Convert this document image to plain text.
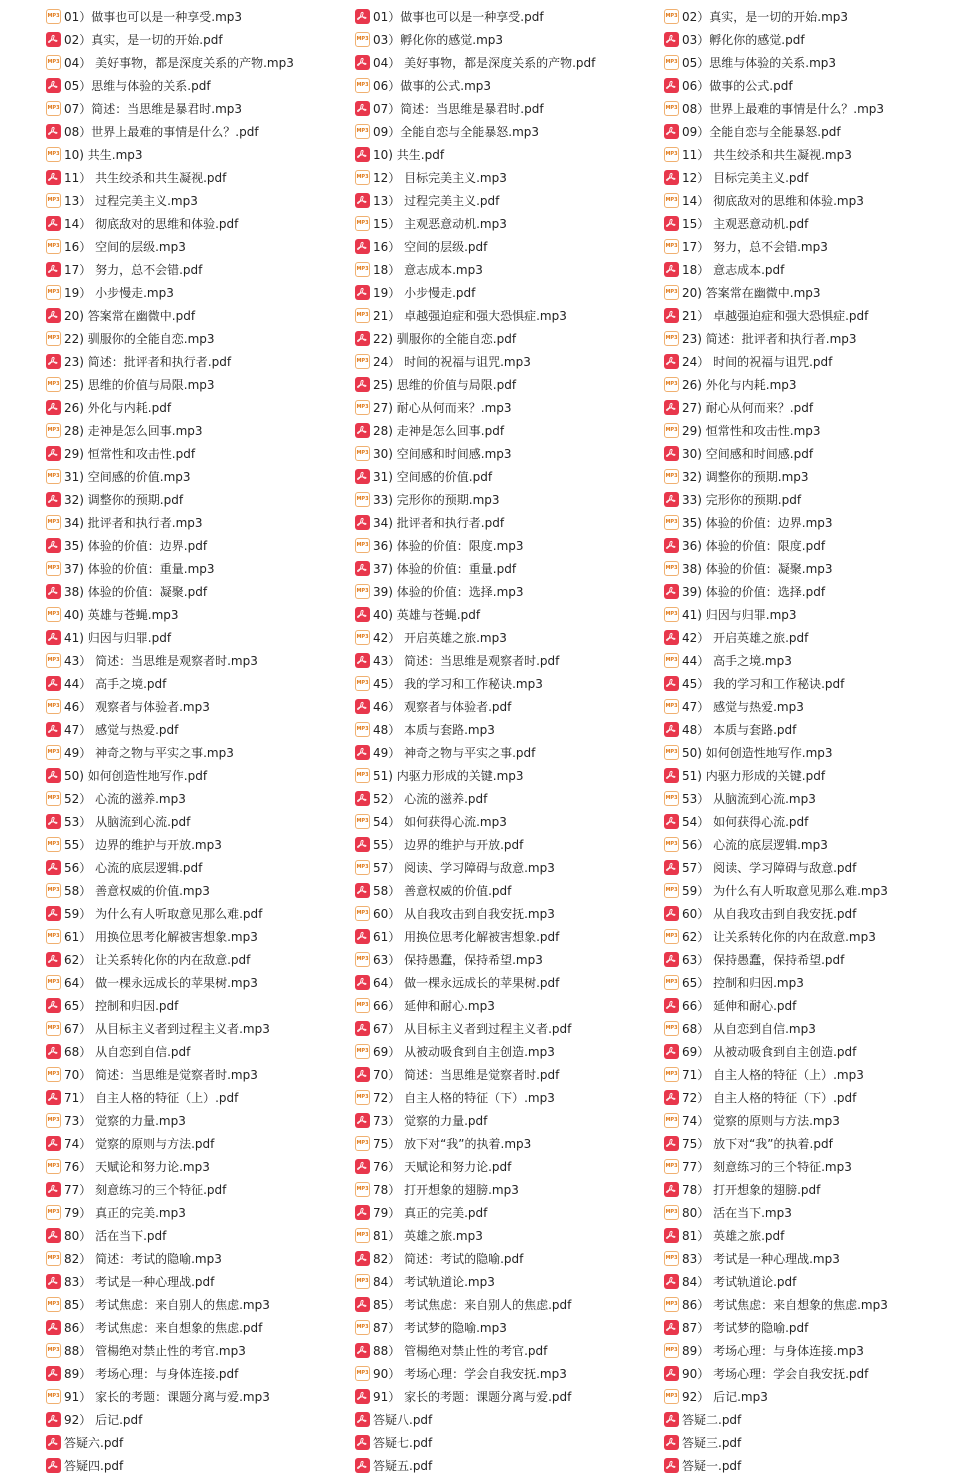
MP3 01）做事也可以是一种享受.mp3
02）真实，是一切的开始.pdf
MP3 04） 美好事物，都是深度关系的产物.mp3
05）思维与体验的关系.pdf
MP3 07）简述：当思维是暴君时.mp3
08）世界上最难的事情是什么？.pdf
MP3 10) 共生.mp3
11） 共生绞杀和共生凝视.pdf
MP3 13） 过程完美主义.mp3
14） 彻底敌对的思维和体验.pdf
MP3 16） 空间的层级.mp3
17） 努力，总不会错.pdf
MP3 19） 小步慢走.mp3
20) 答案常在幽微中.pdf
MP3 22) 驯服你的全能自恋.mp3
23) 简述：批评者和执行者.pdf
MP3 25) 思维的价值与局限.mp3
26) 外化与内耗.pdf
MP3 28) 走神是怎么回事.mp3
29) 恒常性和攻击性.pdf
MP3 31) 空间感的价值.mp3
32) 调整你的预期.pdf
MP3 34) 批评者和执行者.mp3
35) 体验的价值：边界.pdf
MP3 37) 体验的价值：重量.mp3
38) 体验的价值：凝聚.pdf
MP3 40) 英雄与苍蝇.mp3
41) 归因与归罪.pdf
MP3 43） 简述：当思维是观察者时.mp3
44） 高手之境.pdf
MP3 46） 观察者与体验者.mp3
47） 感觉与热爱.pdf
MP3 49） 神奇之物与平实之事.mp3
50) 如何创造性地写作.pdf
MP3 52） 心流的滋养.mp3
53） 从脑流到心流.pdf
MP3 55） 边界的维护与开放.mp3
56） 心流的底层逻辑.pdf
MP3 58） 善意权威的价值.mp3
59） 为什么有人听取意见那么难.pdf
MP3 61） 用换位思考化解被害想象.mp3
62） 让关系转化你的内在敌意.pdf
MP3 64） 做一棵永远成长的苹果树.mp3
65） 控制和归因.pdf
MP3 67） 从目标主义者到过程主义者.mp3
68） 从自恋到自信.pdf
MP3 70） 简述：当思维是觉察者时.mp3
71） 自主人格的特征（上）.pdf
MP3 73） 觉察的力量.mp3
74） 觉察的原则与方法.pdf
MP3 76） 天赋论和努力论.mp3
77） 刻意练习的三个特征.pdf
MP3 79） 真正的完美.mp3
80） 活在当下.pdf
MP3 82） 简述：考试的隐喻.mp3
83） 考试是一种心理战.pdf
MP3 85） 考试焦虑：来自别人的焦虑.mp3
86） 考试焦虑：来自想象的焦虑.pdf
MP3 88） 管楊绝对禁止性的考官.mp3
89） 考场心理：与身体连接.pdf
MP3 91） 家长的考题：课题分离与爱.mp3
92） 后记.pdf
答疑六.pdf
答疑四.pdf
01）做事也可以是一种享受.pdf
MP3 03）孵化你的感觉.mp3
04） 美好事物，都是深度关系的产物.pdf
MP3 06）做事的公式.mp3
07）简述：当思维是暴君时.pdf
MP3 09）全能自恋与全能暴怒.mp3
10) 共生.pdf
MP3 12） 目标完美主义.mp3
13） 过程完美主义.pdf
MP3 15） 主观恶意动机.mp3
16） 空间的层级.pdf
MP3 18） 意志成本.mp3
19） 小步慢走.pdf
MP3 21） 卓越强迫症和强大恐惧症.mp3
22) 驯服你的全能自恋.pdf
MP3 24） 时间的祝福与诅咒.mp3
25) 思维的价值与局限.pdf
MP3 27) 耐心从何而来？.mp3
28) 走神是怎么回事.pdf
MP3 30) 空间感和时间感.mp3
31) 空间感的价值.pdf
MP3 33) 完形你的预期.mp3
34) 批评者和执行者.pdf
MP3 36) 体验的价值：限度.mp3
37) 体验的价值：重量.pdf
MP3 39) 体验的价值：选择.mp3
40) 英雄与苍蝇.pdf
MP3 42） 开启英雄之旅.mp3
43） 简述：当思维是观察者时.pdf
MP3 45） 我的学习和工作秘诀.mp3
46） 观察者与体验者.pdf
MP3 48） 本质与套路.mp3
49） 神奇之物与平实之事.pdf
MP3 51) 内驱力形成的关键.mp3
52） 心流的滋养.pdf
MP3 54） 如何获得心流.mp3
55） 边界的维护与开放.pdf
MP3 57） 阅读、学习障碍与敌意.mp3
58） 善意权威的价值.pdf
MP3 60） 从自我攻击到自我安抚.mp3
61） 用换位思考化解被害想象.pdf
MP3 63） 保持愚蠢，保持希望.mp3
64） 做一棵永远成长的苹果树.pdf
MP3 66） 延伸和耐心.mp3
67） 从目标主义者到过程主义者.pdf
MP3 69） 从被动吸食到自主创造.mp3
70） 简述：当思维是觉察者时.pdf
MP3 72） 自主人格的特征（下）.mp3
73） 觉察的力量.pdf
MP3 75） 放下对“我”的执着.mp3
76） 天赋论和努力论.pdf
MP3 78） 打开想象的翅膀.mp3
79） 真正的完美.pdf
MP3 81） 英雄之旅.mp3
82） 简述：考试的隐喻.pdf
MP3 84） 考试轨道论.mp3
85） 考试焦虑：来自别人的焦虑.pdf
MP3 87） 考试梦的隐喻.mp3
88） 管楊绝对禁止性的考官.pdf
MP3 90） 考场心理：学会自我安抚.mp3
91） 家长的考题：课题分离与爱.pdf
答疑八.pdf
答疑七.pdf
答疑五.pdf
MP3 02）真实，是一切的开始.mp3
03）孵化你的感觉.pdf
MP3 05）思维与体验的关系.mp3
06）做事的公式.pdf
MP3 08）世界上最难的事情是什么？.mp3
09）全能自恋与全能暴怒.pdf
MP3 11） 共生绞杀和共生凝视.mp3
12） 目标完美主义.pdf
MP3 14） 彻底敌对的思维和体验.mp3
15） 主观恶意动机.pdf
MP3 17） 努力，总不会错.mp3
18） 意志成本.pdf
MP3 20) 答案常在幽微中.mp3
21） 卓越强迫症和强大恐惧症.pdf
MP3 23) 简述：批评者和执行者.mp3
24） 时间的祝福与诅咒.pdf
MP3 26) 外化与内耗.mp3
27) 耐心从何而来？.pdf
MP3 29) 恒常性和攻击性.mp3
30) 空间感和时间感.pdf
MP3 32) 调整你的预期.mp3
33) 完形你的预期.pdf
MP3 35) 体验的价值：边界.mp3
36) 体验的价值：限度.pdf
MP3 38) 体验的价值：凝聚.mp3
39) 体验的价值：选择.pdf
MP3 41) 归因与归罪.mp3
42） 开启英雄之旅.pdf
MP3 44） 高手之境.mp3
45） 我的学习和工作秘诀.pdf
MP3 47） 感觉与热爱.mp3
48） 本质与套路.pdf
MP3 50) 如何创造性地写作.mp3
51) 内驱力形成的关键.pdf
MP3 53） 从脑流到心流.mp3
54） 如何获得心流.pdf
MP3 56） 心流的底层逻辑.mp3
57） 阅读、学习障碍与敌意.pdf
MP3 59） 为什么有人听取意见那么难.mp3
60） 从自我攻击到自我安抚.pdf
MP3 62） 让关系转化你的内在敌意.mp3
63） 保持愚蠢，保持希望.pdf
MP3 65） 控制和归因.mp3
66） 延伸和耐心.pdf
MP3 68） 从自恋到自信.mp3
69） 从被动吸食到自主创造.pdf
MP3 71） 自主人格的特征（上）.mp3
72） 自主人格的特征（下）.pdf
MP3 74） 觉察的原则与方法.mp3
75） 放下对“我”的执着.pdf
MP3 77） 刻意练习的三个特征.mp3
78） 打开想象的翅膀.pdf
MP3 80） 活在当下.mp3
81） 英雄之旅.pdf
MP3 83） 考试是一种心理战.mp3
84） 考试轨道论.pdf
MP3 86） 考试焦虑：来自想象的焦虑.mp3
87） 考试梦的隐喻.pdf
MP3 89） 考场心理：与身体连接.mp3
90） 考场心理：学会自我安抚.pdf
MP3 92） 后记.mp3
答疑二.pdf
答疑三.pdf
答疑一.pdf
